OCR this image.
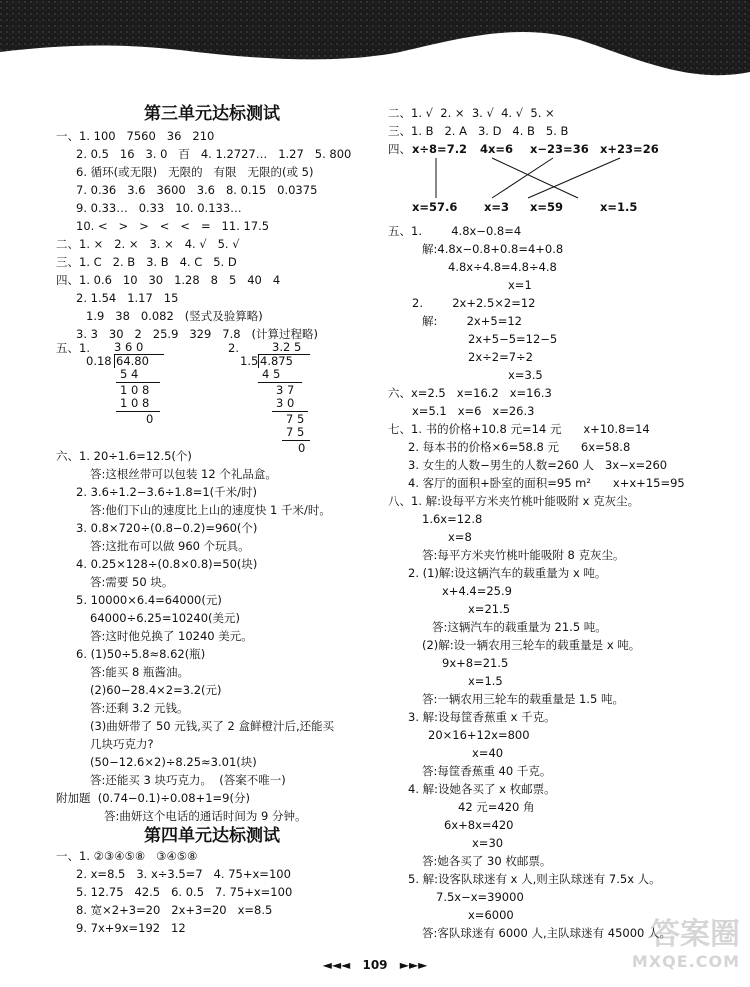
第三单元达标测试
一、1. 100   7560   36   210
2. 0.5   16   3. 0   百   4. 1.2727…   1.27   5. 800
6. 循环(或无限)   无限的   有限   无限的(或 5)
7. 0.36   3.6   3600   3.6   8. 0.15   0.0375
9. 0.33…   0.33   10. 0.133…
10. <   >   >   <   <   =   11. 17.5
二、1. ×   2. ×   3. ×   4. √   5. √
三、1. C   2. B   3. B   4. C   5. D
四、1. 0.6   10   30   1.28   8   5   40   4
2. 1.54   1.17   15
1.9   38   0.082   (竖式及验算略)
3. 3   30   2   25.9   329   7.8   (计算过程略)
五、1. 3 6 0
0.18 64.80
5 4
1 0 8
1 0 8
0
2.	3.2 5
1.5 4.875
4 5
3 7
3 0
7 5
7 5
0
六、1. 20÷1.6=12.5(个)
答:这根丝带可以包装 12 个礼品盒。
2. 3.6÷1.2−3.6÷1.8=1(千米/时)
答:他们下山的速度比上山的速度快 1 千米/时。
3. 0.8×720÷(0.8−0.2)=960(个)
答:这批布可以做 960 个玩具。
4. 0.25×128÷(0.8×0.8)=50(块)
答:需要 50 块。
5. 10000×6.4=64000(元)
64000÷6.25=10240(美元)
答:这时他兑换了 10240 美元。
6. (1)50÷5.8≈8.62(瓶)
答:能买 8 瓶酱油。
(2)60−28.4×2=3.2(元)
答:还剩 3.2 元钱。
(3)曲妍带了 50 元钱,买了 2 盒鲜橙汁后,还能买
几块巧克力?
(50−12.6×2)÷8.25≈3.01(块)
答:还能买 3 块巧克力。  (答案不唯一)
附加题  (0.74−0.1)÷0.08+1=9(分)
答:曲妍这个电话的通话时间为 9 分钟。
第四单元达标测试
一、1. ②③④⑤⑧   ③④⑤⑧
2. x=8.5   3. x÷3.5=7   4. 75+x=100
5. 12.75   42.5   6. 0.5   7. 75+x=100
8. 宽×2+3=20   2x+3=20   x=8.5
9. 7x+9x=192   12
二、1. √  2. ×  3. √  4. √  5. ×
三、1. B   2. A   3. D   4. B   5. B
四、 x÷8=7.2 4x=6 x−23=36 x+23=26
x=57.6 x=3 x=59	x=1.5
五、1.        4.8x−0.8=4
解:4.8x−0.8+0.8=4+0.8
4.8x÷4.8=4.8÷4.8
x=1
2.        2x+2.5×2=12
解:        2x+5=12
2x+5−5=12−5
2x÷2=7÷2
x=3.5
六、x=2.5   x=16.2   x=16.3
x=5.1   x=6   x=26.3
七、1. 书的价格+10.8 元=14 元      x+10.8=14
2. 每本书的价格×6=58.8 元      6x=58.8
3. 女生的人数−男生的人数=260 人   3x−x=260
4. 客厅的面积+卧室的面积=95 m²      x+x+15=95
八、1. 解:设每平方米夹竹桃叶能吸附 x 克灰尘。
1.6x=12.8
x=8
答:每平方米夹竹桃叶能吸附 8 克灰尘。
2. (1)解:设这辆汽车的载重量为 x 吨。
x+4.4=25.9
x=21.5
答:这辆汽车的载重量为 21.5 吨。
(2)解:设一辆农用三轮车的载重量是 x 吨。
9x+8=21.5
x=1.5
答:一辆农用三轮车的载重量是 1.5 吨。
3. 解:设每筐香蕉重 x 千克。
20×16+12x=800
x=40
答:每筐香蕉重 40 千克。
4. 解:设她各买了 x 枚邮票。
42 元=420 角
6x+8x=420
x=30
答:她各买了 30 枚邮票。
5. 解:设客队球迷有 x 人,则主队球迷有 7.5x 人。
7.5x−x=39000
x=6000
答:客队球迷有 6000 人,主队球迷有 45000 人。
◄◄◄ 109 ►►►
答案圈
MXQE.COM
